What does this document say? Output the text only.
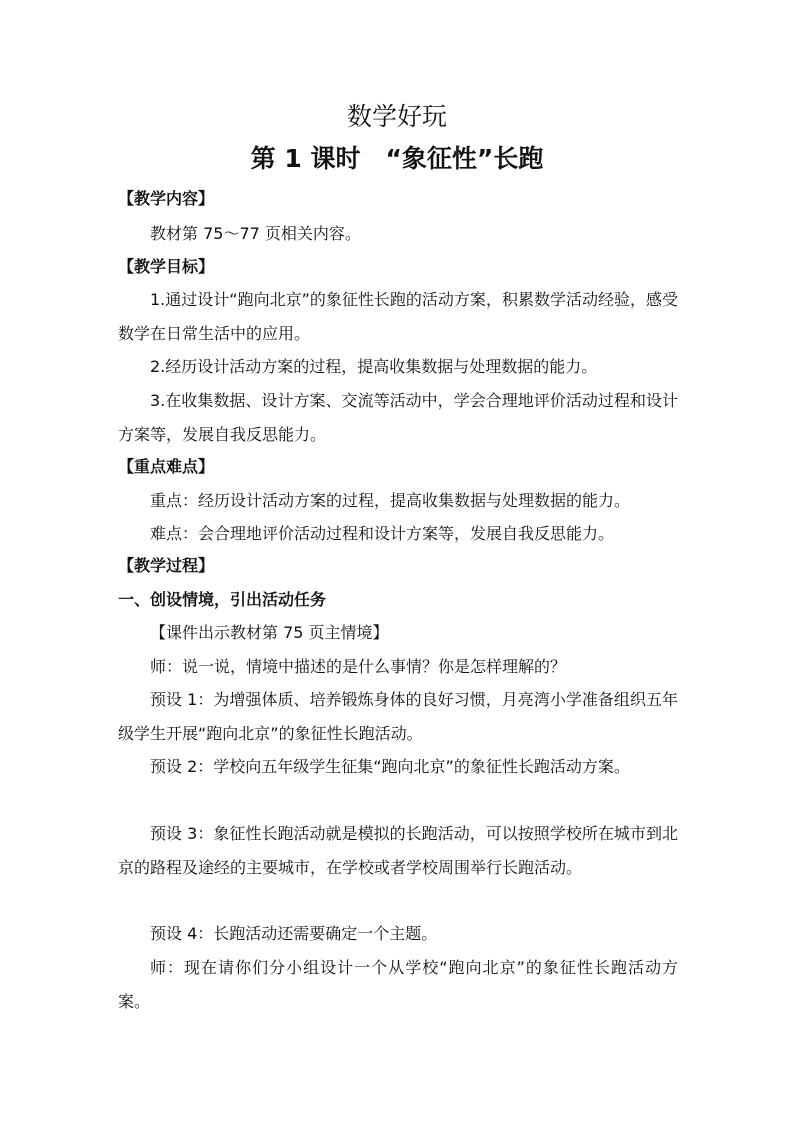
数学好玩
第 1 课时　“象征性”长跑
【教学内容】
教材第 75～77 页相关内容。
【教学目标】
1.通过设计“跑向北京”的象征性长跑的活动方案，积累数学活动经验，感受数学在日常生活中的应用。
2.经历设计活动方案的过程，提高收集数据与处理数据的能力。
3.在收集数据、设计方案、交流等活动中，学会合理地评价活动过程和设计方案等，发展自我反思能力。
【重点难点】
重点：经历设计活动方案的过程，提高收集数据与处理数据的能力。
难点：会合理地评价活动过程和设计方案等，发展自我反思能力。
【教学过程】
一、创设情境，引出活动任务
【课件出示教材第 75 页主情境】
师：说一说，情境中描述的是什么事情？你是怎样理解的？
预设 1：为增强体质、培养锻炼身体的良好习惯，月亮湾小学准备组织五年级学生开展“跑向北京”的象征性长跑活动。
预设 2：学校向五年级学生征集“跑向北京”的象征性长跑活动方案。
预设 3：象征性长跑活动就是模拟的长跑活动，可以按照学校所在城市到北京的路程及途经的主要城市，在学校或者学校周围举行长跑活动。
预设 4：长跑活动还需要确定一个主题。
师：现在请你们分小组设计一个从学校“跑向北京”的象征性长跑活动方案。
